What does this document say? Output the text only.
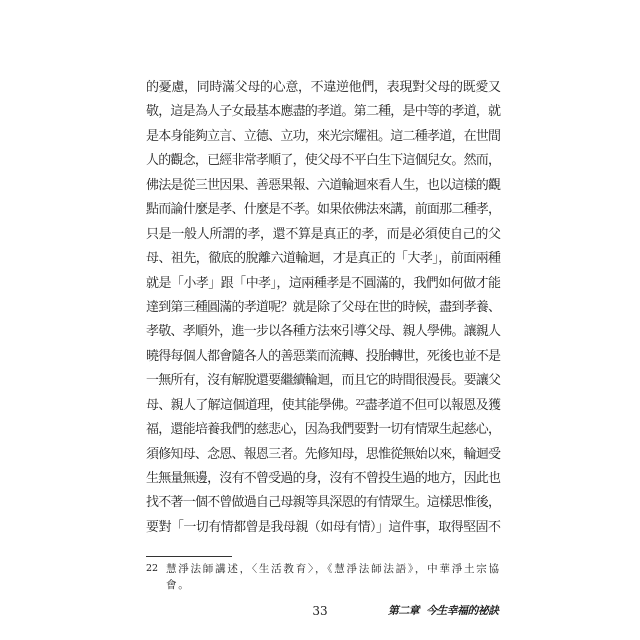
的憂慮，同時滿父母的心意，不違逆他們，表現對父母的既愛又
敬，這是為人子女最基本應盡的孝道。第二種，是中等的孝道，就
是本身能夠立言、立德、立功，來光宗耀祖。這二種孝道，在世間
人的觀念，已經非常孝順了，使父母不平白生下這個兒女。然而，
佛法是從三世因果、善惡果報、六道輪迴來看人生，也以這樣的觀
點而論什麼是孝、什麼是不孝。如果依佛法來講，前面那二種孝，
只是一般人所謂的孝，還不算是真正的孝，而是必須使自己的父
母、祖先，徹底的脫離六道輪迴，才是真正的「大孝」，前面兩種
就是「小孝」跟「中孝」，這兩種孝是不圓滿的，我們如何做才能
達到第三種圓滿的孝道呢？就是除了父母在世的時候，盡到孝養、
孝敬、孝順外，進一步以各種方法來引導父母、親人學佛。讓親人
曉得每個人都會隨各人的善惡業而流轉、投胎轉世，死後也並不是
一無所有，沒有解脫還要繼續輪迴，而且它的時間很漫長。要讓父
母、親人了解這個道理，使其能學佛。$^{22}$盡孝道不但可以報恩及獲
福，還能培養我們的慈悲心，因為我們要對一切有情眾生起慈心，
須修知母、念恩、報恩三者。先修知母，思惟從無始以來，輪迴受
生無量無邊，沒有不曾受過的身，沒有不曾投生過的地方，因此也
找不著一個不曾做過自己母親等具深恩的有情眾生。這樣思惟後，
要對「一切有情都曾是我母親（如母有情）」這件事，取得堅固不
22 慧淨法師講述，〈生活教育〉，《慧淨法師法語》，中華淨土宗協
會。
33	第二章 今生幸福的祕訣
